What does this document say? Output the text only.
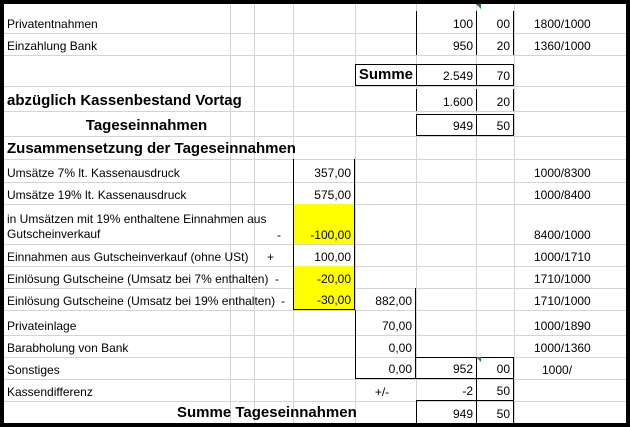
Privatentnahmen	100	00	1800/1000
Einzahlung Bank	950	20	1360/1000
Summe	2.549	70
abzüglich Kassenbestand Vortag	1.600	20
Tageseinnahmen	949	50
Zusammensetzung der Tageseinnahmen
Umsätze 7% lt. Kassenausdruck	357,00	1000/8300
Umsätze 19% lt. Kassenausdruck	575,00	1000/8400
in Umsätzen mit 19% enthaltene Einnahmen aus Gutscheinverkauf	-	-100,00	8400/1000
Einnahmen aus Gutscheinverkauf (ohne USt)	+	100,00	1000/1710
Einlösung Gutscheine (Umsatz bei 7% enthalten) -	-20,00	1710/1000
Einlösung Gutscheine (Umsatz bei 19% enthalten) -	-30,00	882,00	1710/1000
Privateinlage	70,00	1000/1890
Barabholung von Bank	0,00	1000/1360
Sonstiges	0,00	952	00	1000/
Kassendifferenz	+/-	-2	50
Summe Tageseinnahmen	949	50
